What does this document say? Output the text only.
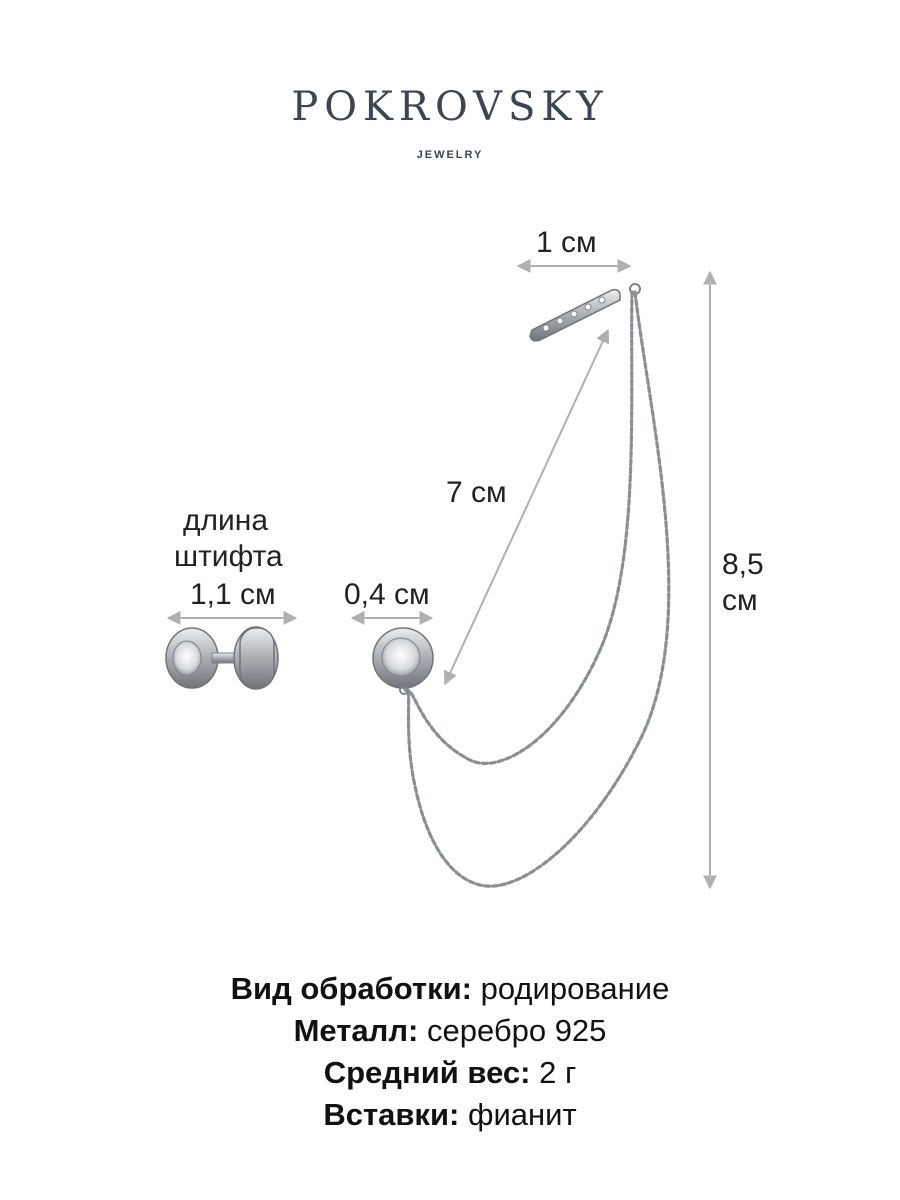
POKROVSKY
JEWELRY
1 см
7 см
8,5
см
0,4 см
длина
штифта
1,1 см
Вид обработки: родирование
Металл: серебро 925
Средний вес: 2 г
Вставки: фианит
